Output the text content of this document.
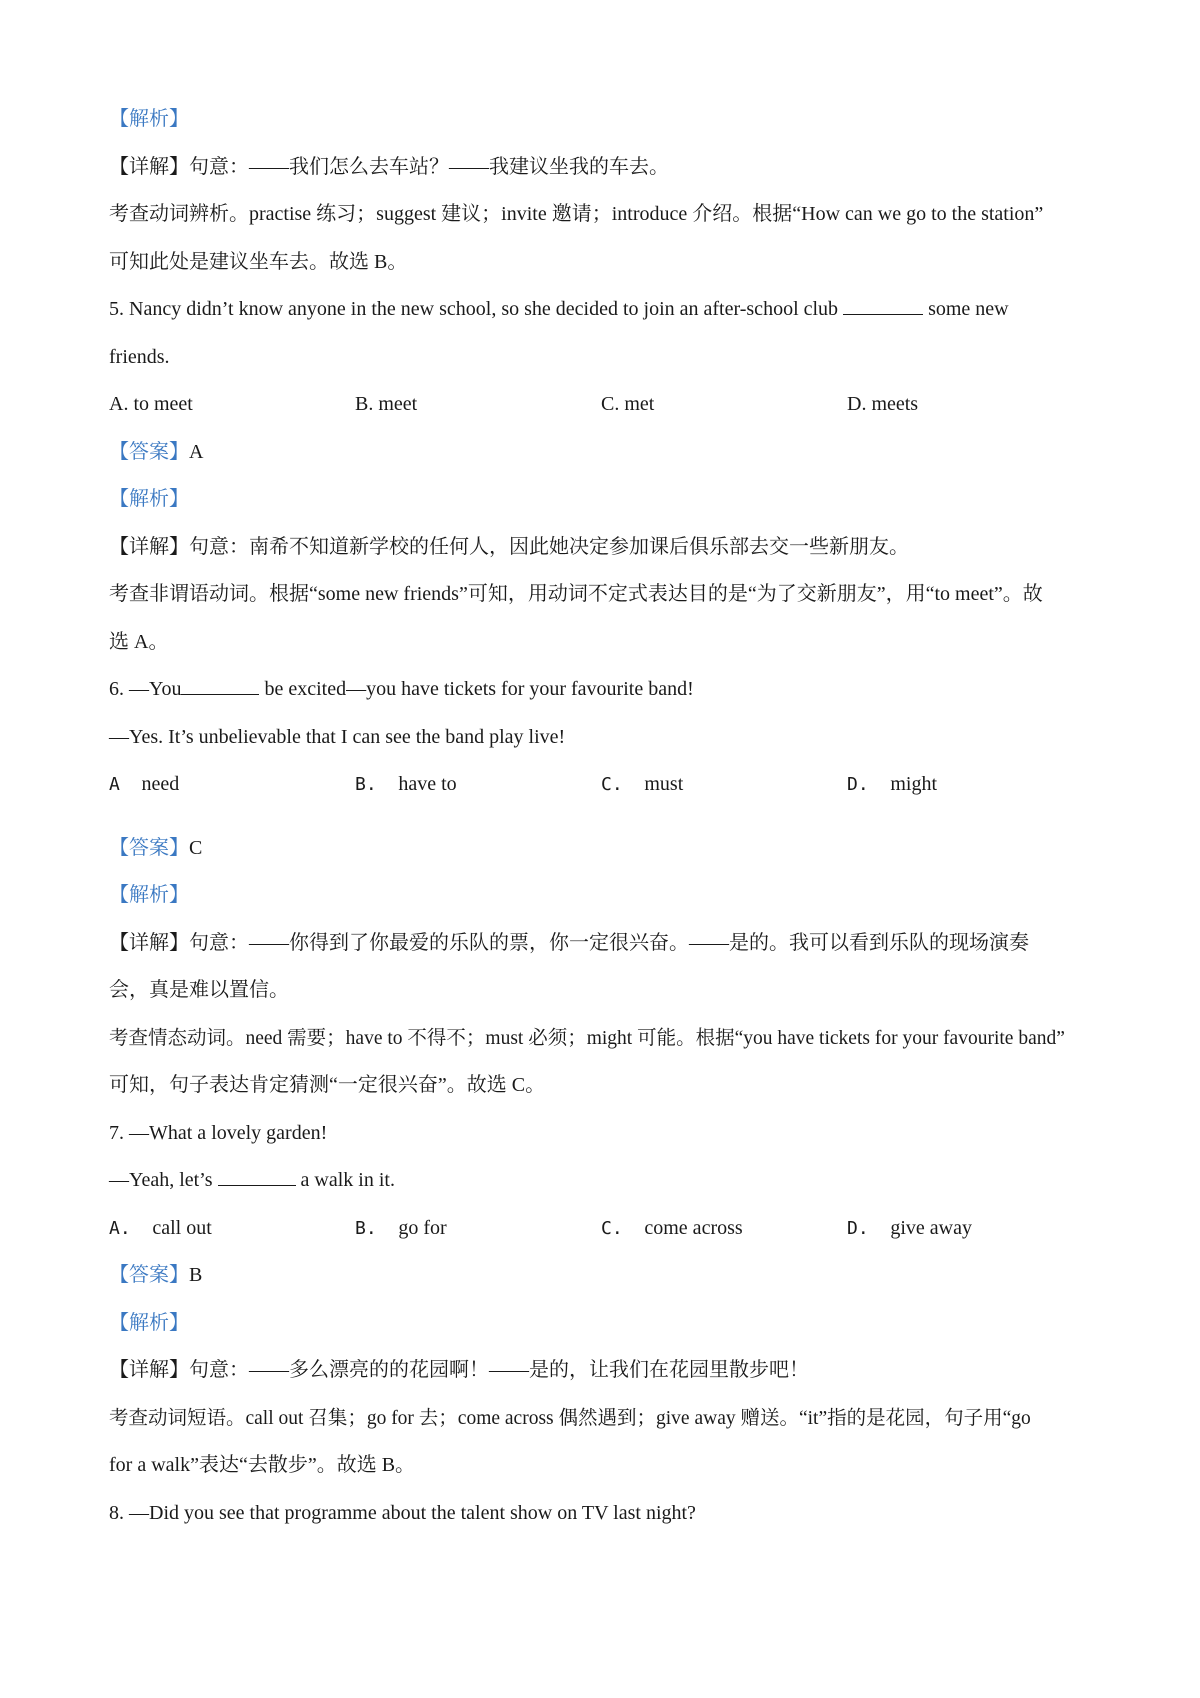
【解析】

【详解】句意：——我们怎么去车站？——我建议坐我的车去。

考查动词辨析。practise 练习；suggest 建议；invite 邀请；introduce 介绍。根据“How can we go to the station”

可知此处是建议坐车去。故选 B。

5. Nancy didn’t know anyone in the new school, so she decided to join an after-school club	some new

friends.

A. to meet	B. meet	C. met	D. meets

【答案】A

【解析】

【详解】句意：南希不知道新学校的任何人，因此她决定参加课后俱乐部去交一些新朋友。

考查非谓语动词。根据“some new friends”可知，用动词不定式表达目的是“为了交新朋友”，用“to meet”。故

选 A。

6. —You	be excited—you have tickets for your favourite band!

—Yes. It’s unbelievable that I can see the band play live!

A need	B. have to	C. must	D. might

【答案】C

【解析】

【详解】句意：——你得到了你最爱的乐队的票，你一定很兴奋。——是的。我可以看到乐队的现场演奏

会，真是难以置信。

考查情态动词。need 需要；have to 不得不；must 必须；might 可能。根据“you have tickets for your favourite band”

可知，句子表达肯定猜测“一定很兴奋”。故选 C。

7. —What a lovely garden!

—Yeah, let’s	a walk in it.

A. call out	B. go for	C. come across	D. give away

【答案】B

【解析】

【详解】句意：——多么漂亮的的花园啊！——是的，让我们在花园里散步吧！

考查动词短语。call out 召集；go for 去；come across 偶然遇到；give away 赠送。“it”指的是花园，句子用“go

for a walk”表达“去散步”。故选 B。

8. —Did you see that programme about the talent show on TV last night?
